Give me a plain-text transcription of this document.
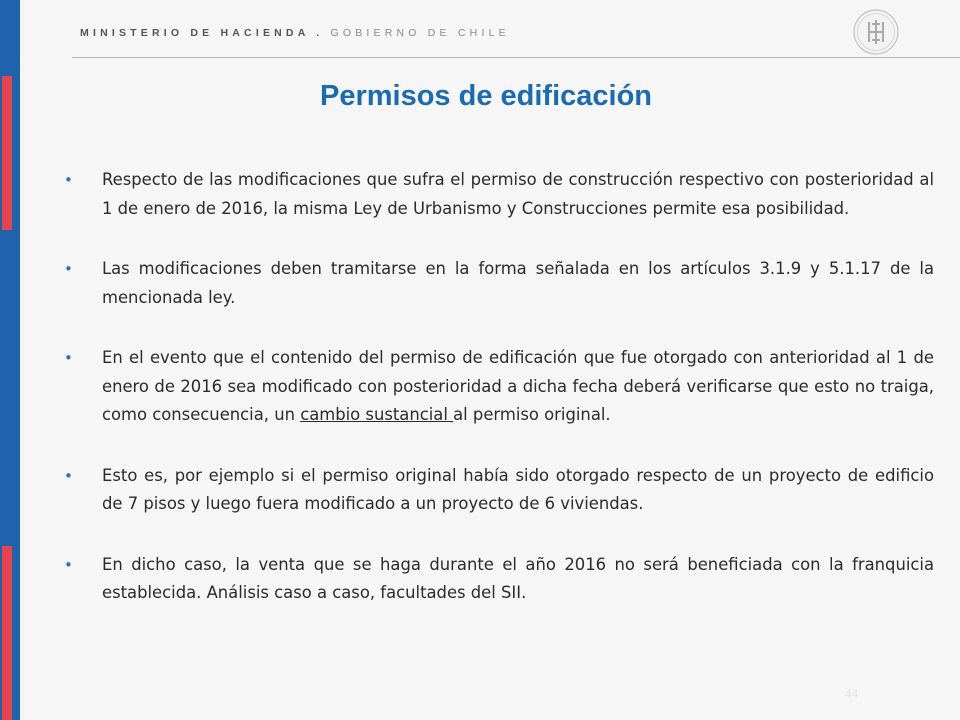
MINISTERIO DE HACIENDA . GOBIERNO DE CHILE
Permisos de edificación
• Respecto de las modificaciones que sufra el permiso de construcción respectivo con posterioridad al 1 de enero de 2016, la misma Ley de Urbanismo y Construcciones permite esa posibilidad.
• Las modificaciones deben tramitarse en la forma señalada en los artículos 3.1.9 y 5.1.17 de la mencionada ley.
• En el evento que el contenido del permiso de edificación que fue otorgado con anterioridad al 1 de enero de 2016 sea modificado con posterioridad a dicha fecha deberá verificarse que esto no traiga, como consecuencia, un cambio sustancial al permiso original.
• Esto es, por ejemplo si el permiso original había sido otorgado respecto de un proyecto de edificio de 7 pisos y luego fuera modificado a un proyecto de 6 viviendas.
• En dicho caso, la venta que se haga durante el año 2016 no será beneficiada con la franquicia establecida. Análisis caso a caso, facultades del SII.
44
